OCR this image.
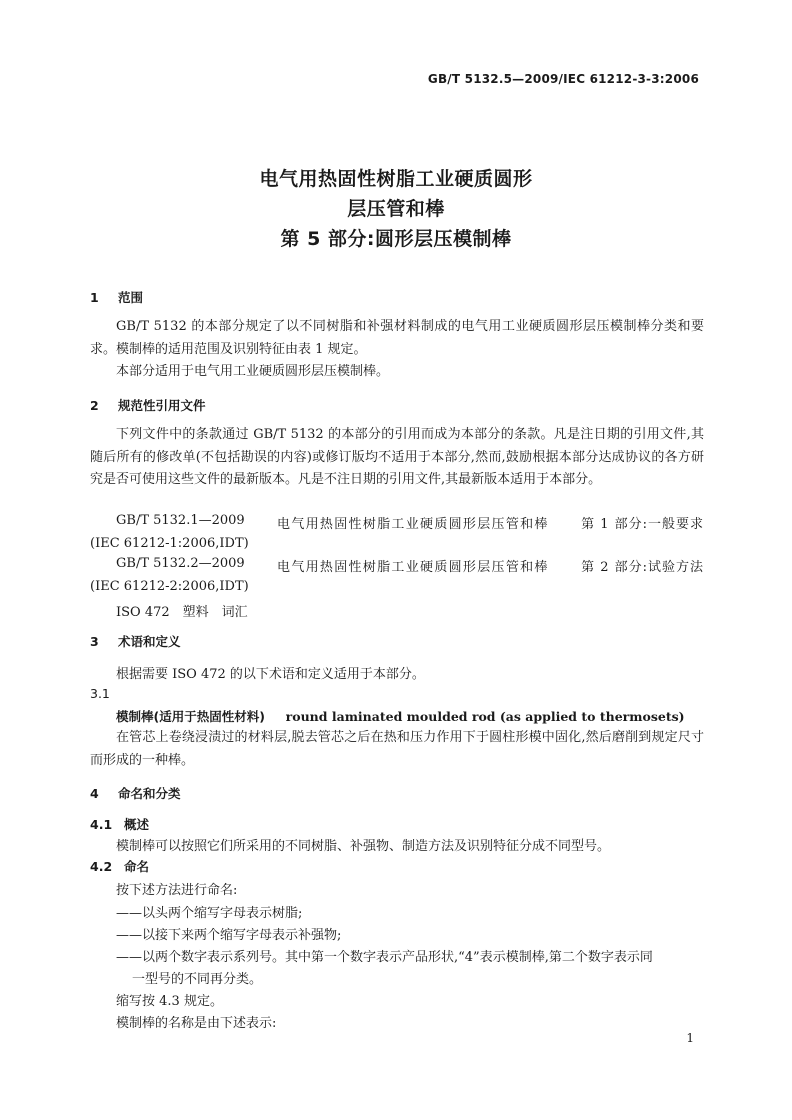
GB/T 5132.5—2009/IEC 61212-3-3:2006
电气用热固性树脂工业硬质圆形
层压管和棒
第 5 部分:圆形层压模制棒
1 范围
GB/T 5132 的本部分规定了以不同树脂和补强材料制成的电气用工业硬质圆形层压模制棒分类和要求。模制棒的适用范围及识别特征由表 1 规定。
本部分适用于电气用工业硬质圆形层压模制棒。
2 规范性引用文件
下列文件中的条款通过 GB/T 5132 的本部分的引用而成为本部分的条款。凡是注日期的引用文件,其随后所有的修改单(不包括勘误的内容)或修订版均不适用于本部分,然而,鼓励根据本部分达成协议的各方研究是否可使用这些文件的最新版本。凡是不注日期的引用文件,其最新版本适用于本部分。
GB/T 5132.1—2009 电气用热固性树脂工业硬质圆形层压管和棒 第 1 部分:一般要求
(IEC 61212-1:2006,IDT)
GB/T 5132.2—2009 电气用热固性树脂工业硬质圆形层压管和棒 第 2 部分:试验方法
(IEC 61212-2:2006,IDT)
ISO 472　塑料　词汇
3 术语和定义
根据需要 ISO 472 的以下术语和定义适用于本部分。
3.1
模制棒(适用于热固性材料) round laminated moulded rod (as applied to thermosets)
在管芯上卷绕浸渍过的材料层,脱去管芯之后在热和压力作用下于圆柱形模中固化,然后磨削到规定尺寸而形成的一种棒。
4 命名和分类
4.1 概述
模制棒可以按照它们所采用的不同树脂、补强物、制造方法及识别特征分成不同型号。
4.2 命名
按下述方法进行命名:
——以头两个缩写字母表示树脂;
——以接下来两个缩写字母表示补强物;
——以两个数字表示系列号。其中第一个数字表示产品形状,“4”表示模制棒,第二个数字表示同
一型号的不同再分类。
缩写按 4.3 规定。
模制棒的名称是由下述表示:
1
